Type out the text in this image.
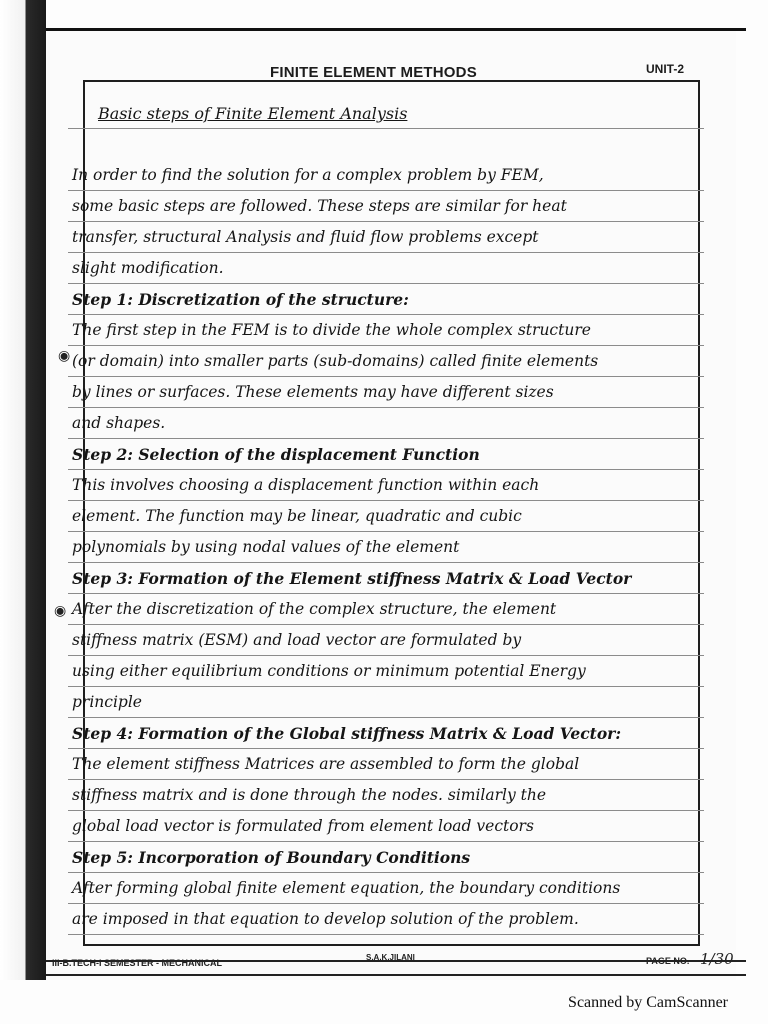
FINITE ELEMENT METHODS	UNIT-2
Basic steps of Finite Element Analysis
In order to find the solution for a complex problem by FEM,
some basic steps are followed. These steps are similar for heat
transfer, structural Analysis and fluid flow problems except
slight modification.
Step 1: Discretization of the structure:
The first step in the FEM is to divide the whole complex structure
(or domain) into smaller parts (sub-domains) called finite elements
by lines or surfaces. These elements may have different sizes
and shapes.
Step 2: Selection of the displacement Function
This involves choosing a displacement function within each
element. The function may be linear, quadratic and cubic
polynomials by using nodal values of the element
Step 3: Formation of the Element stiffness Matrix & Load Vector
After the discretization of the complex structure, the element
stiffness matrix (ESM) and load vector are formulated by
using either equilibrium conditions or minimum potential Energy
principle
Step 4: Formation of the Global stiffness Matrix & Load Vector:
The element stiffness Matrices are assembled to form the global
stiffness matrix and is done through the nodes. similarly the
global load vector is formulated from element load vectors
Step 5: Incorporation of Boundary Conditions
After forming global finite element equation, the boundary conditions
are imposed in that equation to develop solution of the problem.
◉
◉
III-B.TECH-I SEMESTER - MECHANICAL
S.A.K.JILANI	PAGE NO. 1/30
Scanned by CamScanner
